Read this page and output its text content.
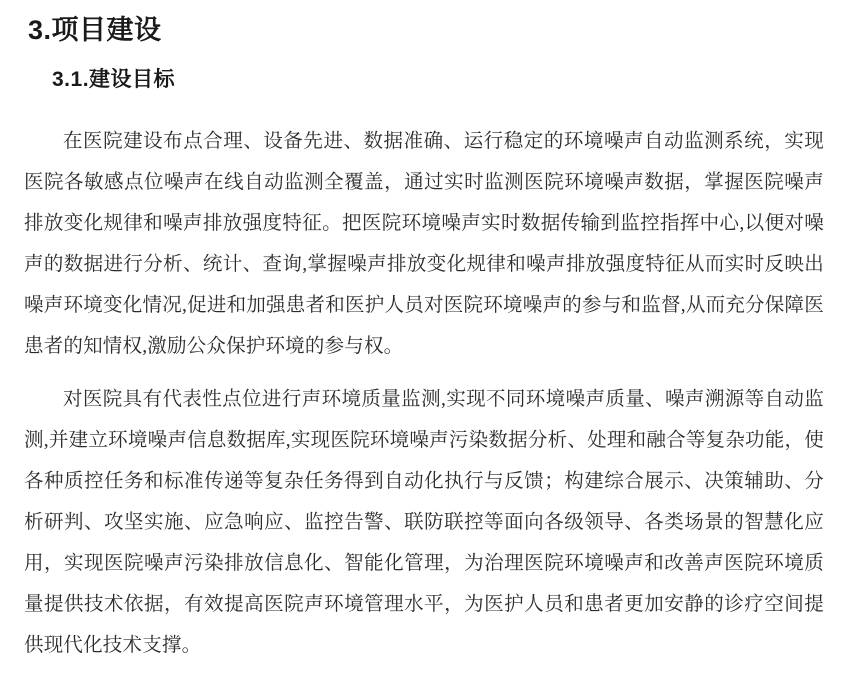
3.项目建设
3.1.建设目标

在医院建设布点合理、设备先进、数据准确、运行稳定的环境噪声自动监测系统，实现医院各敏感点位噪声在线自动监测全覆盖，通过实时监测医院环境噪声数据，掌握医院噪声排放变化规律和噪声排放强度特征。把医院环境噪声实时数据传输到监控指挥中心,以便对噪声的数据进行分析、统计、查询,掌握噪声排放变化规律和噪声排放强度特征从而实时反映出噪声环境变化情况,促进和加强患者和医护人员对医院环境噪声的参与和监督,从而充分保障医患者的知情权,激励公众保护环境的参与权。

对医院具有代表性点位进行声环境质量监测,实现不同环境噪声质量、噪声溯源等自动监测,并建立环境噪声信息数据库,实现医院环境噪声污染数据分析、处理和融合等复杂功能，使各种质控任务和标准传递等复杂任务得到自动化执行与反馈；构建综合展示、决策辅助、分析研判、攻坚实施、应急响应、监控告警、联防联控等面向各级领导、各类场景的智慧化应用，实现医院噪声污染排放信息化、智能化管理，为治理医院环境噪声和改善声医院环境质量提供技术依据，有效提高医院声环境管理水平，为医护人员和患者更加安静的诊疗空间提供现代化技术支撑。
